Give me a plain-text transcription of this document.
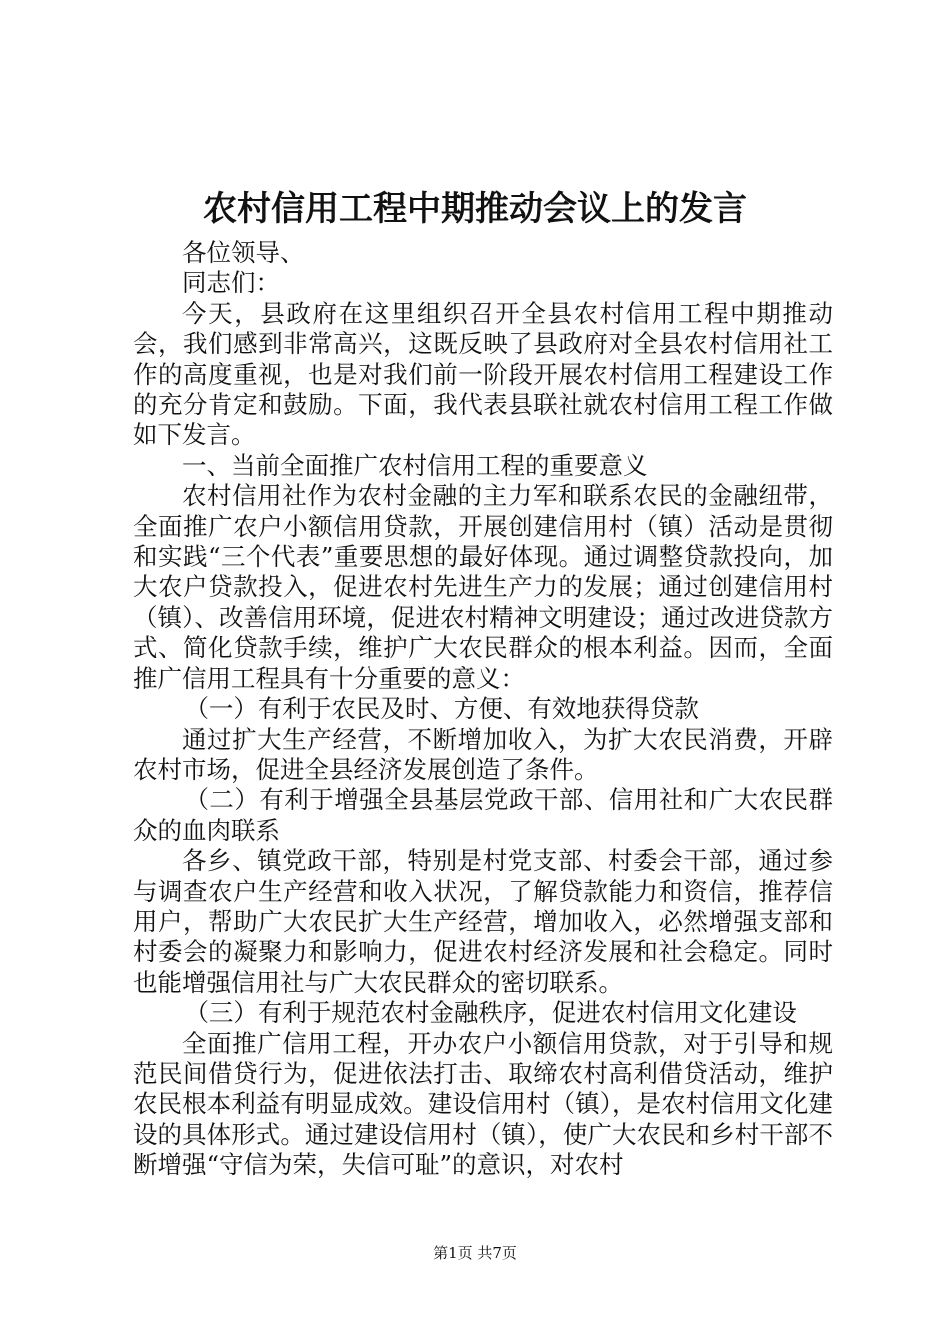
农村信用工程中期推动会议上的发言

各位领导、

同志们：

今天，县政府在这里组织召开全县农村信用工程中期推动会，我们感到非常高兴，这既反映了县政府对全县农村信用社工作的高度重视，也是对我们前一阶段开展农村信用工程建设工作的充分肯定和鼓励。下面，我代表县联社就农村信用工程工作做如下发言。

一、当前全面推广农村信用工程的重要意义

农村信用社作为农村金融的主力军和联系农民的金融纽带，全面推广农户小额信用贷款，开展创建信用村（镇）活动是贯彻和实践“三个代表”重要思想的最好体现。通过调整贷款投向，加大农户贷款投入，促进农村先进生产力的发展；通过创建信用村（镇）、改善信用环境，促进农村精神文明建设；通过改进贷款方式、简化贷款手续，维护广大农民群众的根本利益。因而，全面推广信用工程具有十分重要的意义：

（一）有利于农民及时、方便、有效地获得贷款

通过扩大生产经营，不断增加收入，为扩大农民消费，开辟农村市场，促进全县经济发展创造了条件。

（二）有利于增强全县基层党政干部、信用社和广大农民群众的血肉联系

各乡、镇党政干部，特别是村党支部、村委会干部，通过参与调查农户生产经营和收入状况，了解贷款能力和资信，推荐信用户，帮助广大农民扩大生产经营，增加收入，必然增强支部和村委会的凝聚力和影响力，促进农村经济发展和社会稳定。同时也能增强信用社与广大农民群众的密切联系。

（三）有利于规范农村金融秩序，促进农村信用文化建设

全面推广信用工程，开办农户小额信用贷款，对于引导和规范民间借贷行为，促进依法打击、取缔农村高利借贷活动，维护农民根本利益有明显成效。建设信用村（镇），是农村信用文化建设的具体形式。通过建设信用村（镇），使广大农民和乡村干部不断增强“守信为荣，失信可耻”的意识，对农村

第1页 共7页
